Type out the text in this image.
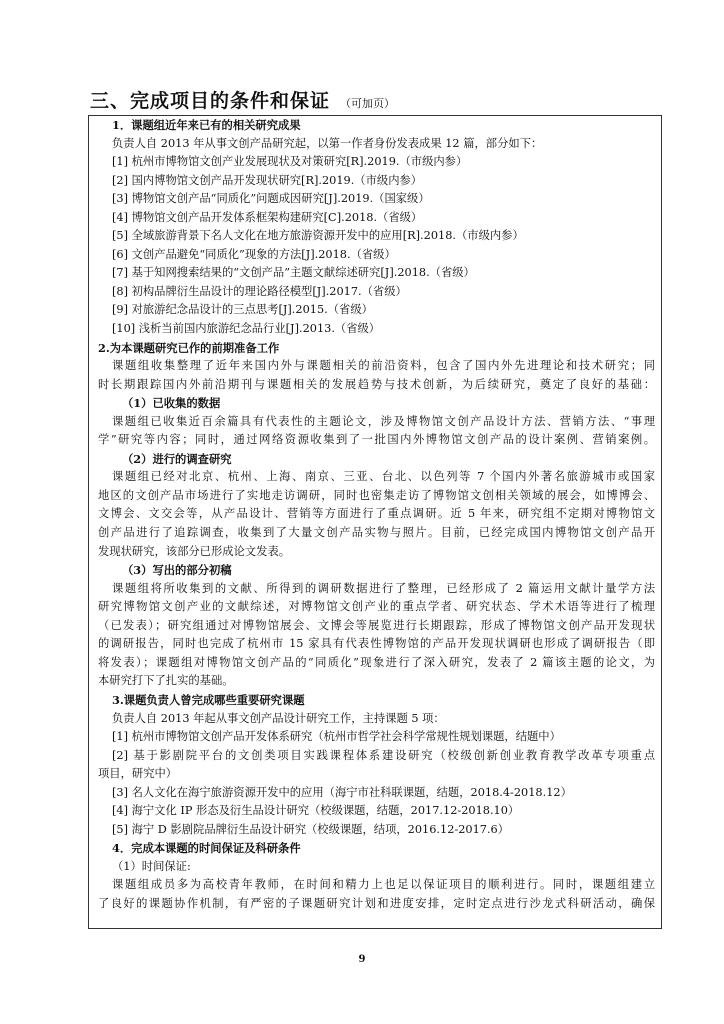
三、完成项目的条件和保证 （可加页）
1．课题组近年来已有的相关研究成果
负责人自 2013 年从事文创产品研究起，以第一作者身份发表成果 12 篇，部分如下：
[1] 杭州市博物馆文创产业发展现状及对策研究[R].2019.（市级内参）
[2] 国内博物馆文创产品开发现状研究[R].2019.（市级内参）
[3] 博物馆文创产品“同质化”问题成因研究[J].2019.（国家级）
[4] 博物馆文创产品开发体系框架构建研究[C].2018.（省级）
[5] 全域旅游背景下名人文化在地方旅游资源开发中的应用[R].2018.（市级内参）
[6] 文创产品避免“同质化”现象的方法[J].2018.（省级）
[7] 基于知网搜索结果的“文创产品”主题文献综述研究[J].2018.（省级）
[8] 初构品牌衍生品设计的理论路径模型[J].2017.（省级）
[9] 对旅游纪念品设计的三点思考[J].2015.（省级）
[10] 浅析当前国内旅游纪念品行业[J].2013.（省级）
2.为本课题研究已作的前期准备工作
课题组收集整理了近年来国内外与课题相关的前沿资料，包含了国内外先进理论和技术研究；同
时长期跟踪国内外前沿期刊与课题相关的发展趋势与技术创新，为后续研究，奠定了良好的基础：
（1）已收集的数据
课题组已收集近百余篇具有代表性的主题论文，涉及博物馆文创产品设计方法、营销方法、“事理
学”研究等内容；同时，通过网络资源收集到了一批国内外博物馆文创产品的设计案例、营销案例。
（2）进行的调查研究
课题组已经对北京、杭州、上海、南京、三亚、台北、以色列等 7 个国内外著名旅游城市或国家
地区的文创产品市场进行了实地走访调研，同时也密集走访了博物馆文创相关领域的展会，如博博会、
文博会、文交会等，从产品设计、营销等方面进行了重点调研。近 5 年来，研究组不定期对博物馆文
创产品进行了追踪调查，收集到了大量文创产品实物与照片。目前，已经完成国内博物馆文创产品开
发现状研究，该部分已形成论文发表。
（3）写出的部分初稿
课题组将所收集到的文献、所得到的调研数据进行了整理，已经形成了 2 篇运用文献计量学方法
研究博物馆文创产业的文献综述，对博物馆文创产业的重点学者、研究状态、学术术语等进行了梳理
（已发表）；研究组通过对博物馆展会、文博会等展览进行长期跟踪，形成了博物馆文创产品开发现状
的调研报告，同时也完成了杭州市 15 家具有代表性博物馆的产品开发现状调研也形成了调研报告（即
将发表）；课题组对博物馆文创产品的“同质化”现象进行了深入研究，发表了 2 篇该主题的论文，为
本研究打下了扎实的基础。
3.课题负责人曾完成哪些重要研究课题
负责人自 2013 年起从事文创产品设计研究工作，主持课题 5 项：
[1] 杭州市博物馆文创产品开发体系研究（杭州市哲学社会科学常规性规划课题，结题中）
[2] 基于影剧院平台的文创类项目实践课程体系建设研究（校级创新创业教育教学改革专项重点
项目，研究中）
[3] 名人文化在海宁旅游资源开发中的应用（海宁市社科联课题，结题，2018.4-2018.12）
[4] 海宁文化 IP 形态及衍生品设计研究（校级课题，结题，2017.12-2018.10）
[5] 海宁 D 影剧院品牌衍生品设计研究（校级课题，结项，2016.12-2017.6）
4．完成本课题的时间保证及科研条件
（1）时间保证:
课题组成员多为高校青年教师，在时间和精力上也足以保证项目的顺利进行。同时，课题组建立
了良好的课题协作机制，有严密的子课题研究计划和进度安排，定时定点进行沙龙式科研活动，确保
9
